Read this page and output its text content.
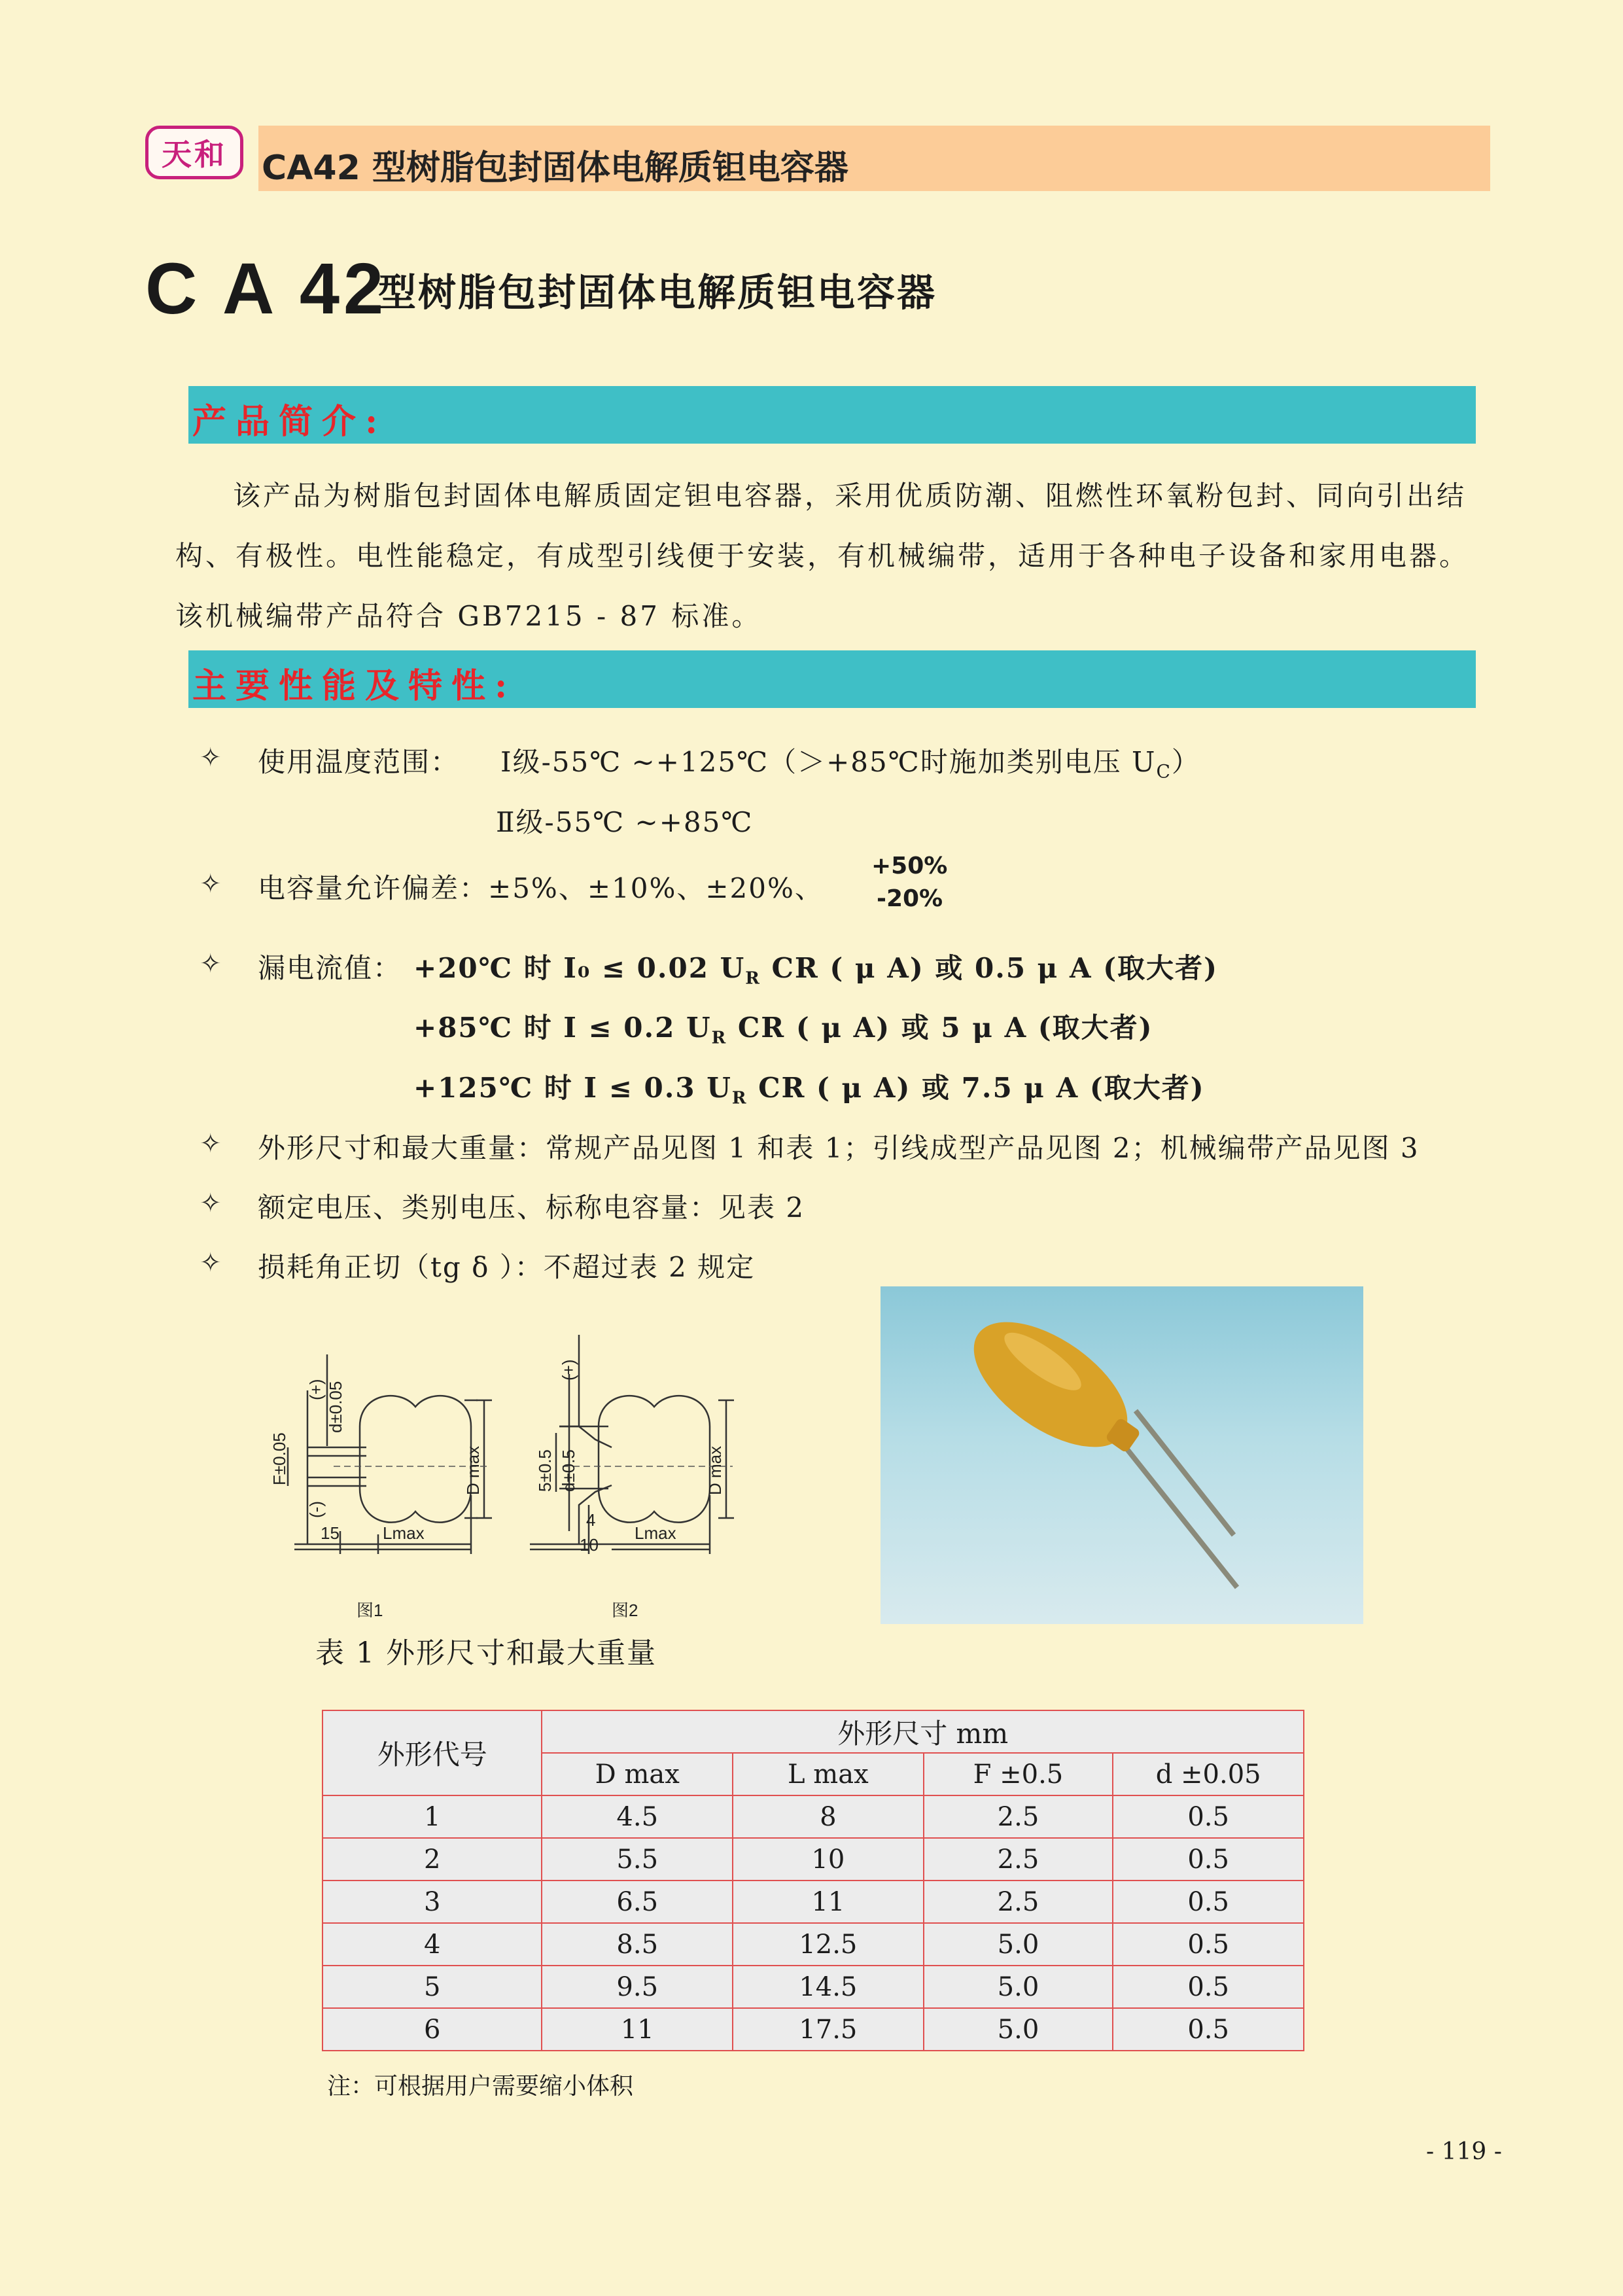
天和 CA42 型树脂包封固体电解质钽电容器
C A 42
型树脂包封固体电解质钽电容器
产品简介:
该产品为树脂包封固体电解质固定钽电容器，采用优质防潮、阻燃性环氧粉包封、同向引出结构、有极性。电性能稳定，有成型引线便于安装，有机械编带，适用于各种电子设备和家用电器。该机械编带产品符合 GB7215 - 87 标准。
主要性能及特性:
✧ 使用温度范围： Ⅰ级-55℃ ~+125℃（＞+85℃时施加类别电压 $U_C$）
Ⅱ级-55℃ ~+85℃
✧ 电容量允许偏差：±5%、±10%、±20%、
+50%
-20%
✧ 漏电流值： +20℃ 时 I₀ ≤ 0.02 $U_R$ CR ( μ A) 或 0.5 μ A (取大者)
+85℃ 时 I ≤ 0.2 $U_R$ CR ( μ A) 或 5 μ A (取大者)
+125℃ 时 I ≤ 0.3 $U_R$ CR ( μ A) 或 7.5 μ A (取大者)
✧ 外形尺寸和最大重量：常规产品见图 1 和表 1；引线成型产品见图 2；机械编带产品见图 3
✧ 额定电压、类别电压、标称电容量：见表 2
✧ 损耗角正切（tg δ ）：不超过表 2 规定
d±0.05
(+)
(-)
F±0.05	D max
15	Lmax
图1
(+)
5±0.5 d±0.5
4
10
Lmax
D max
图2
表 1 外形尺寸和最大重量
外形代号	外形尺寸 mm			
	D max	L max	F ±0.5	d ±0.05
1	4.5	8	2.5	0.5
2	5.5	10	2.5	0.5
3	6.5	11	2.5	0.5
4	8.5	12.5	5.0	0.5
5	9.5	14.5	5.0	0.5
6	11	17.5	5.0	0.5
注：可根据用户需要缩小体积
- 119 -
